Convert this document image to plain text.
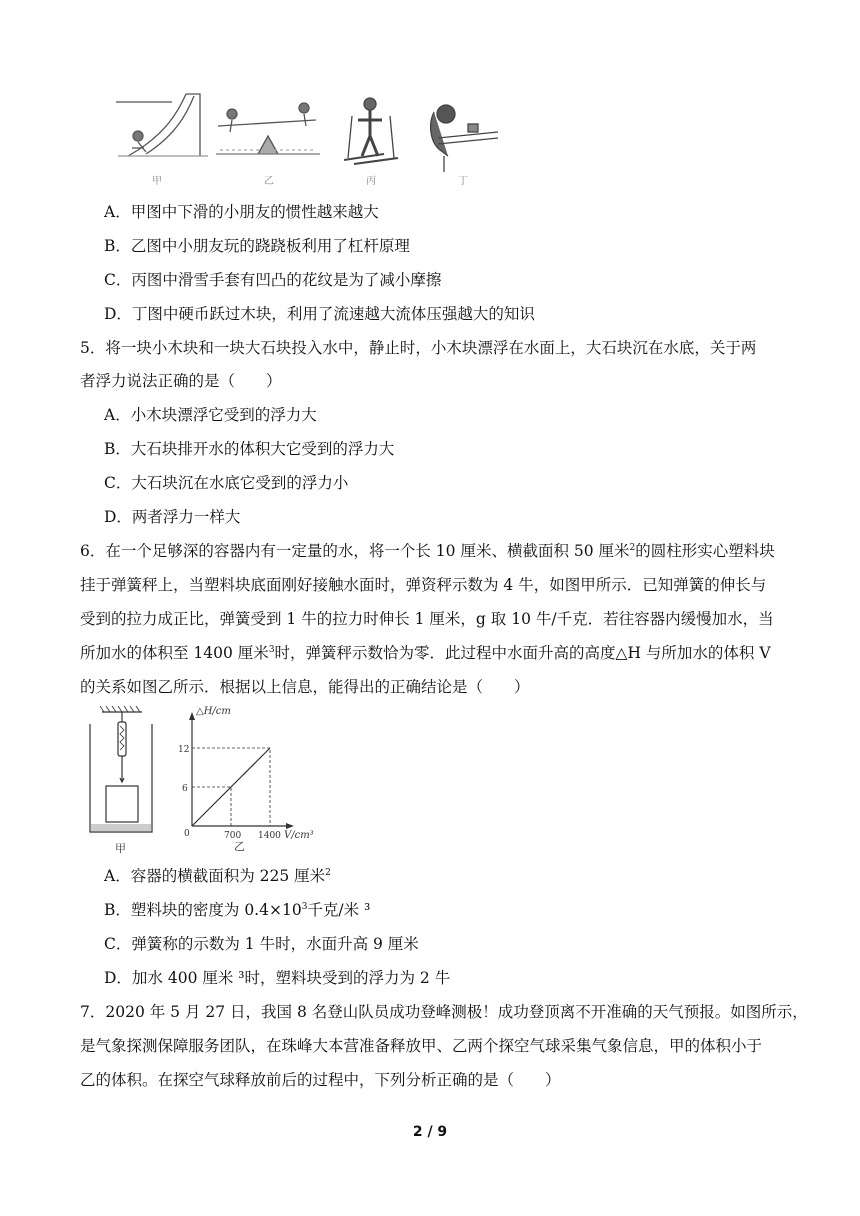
甲	乙	丙	丁
A．甲图中下滑的小朋友的惯性越来越大
B．乙图中小朋友玩的跷跷板利用了杠杆原理
C．丙图中滑雪手套有凹凸的花纹是为了减小摩擦
D．丁图中硬币跃过木块，利用了流速越大流体压强越大的知识
5．将一块小木块和一块大石块投入水中，静止时，小木块漂浮在水面上，大石块沉在水底，关于两
者浮力说法正确的是（　　）
A．小木块漂浮它受到的浮力大
B．大石块排开水的体积大它受到的浮力大
C．大石块沉在水底它受到的浮力小
D．两者浮力一样大
6．在一个足够深的容器内有一定量的水，将一个长 10 厘米、横截面积 50 厘米$^2$的圆柱形实心塑料块
挂于弹簧秤上，当塑料块底面刚好接触水面时，弹资秤示数为 4 牛，如图甲所示．已知弹簧的伸长与
受到的拉力成正比，弹簧受到 1 牛的拉力时伸长 1 厘米，g 取 10 牛/千克．若往容器内缓慢加水，当
所加水的体积至 1400 厘米$^3$时，弹簧秤示数恰为零．此过程中水面升高的高度△H 与所加水的体积 V
的关系如图乙所示．根据以上信息，能得出的正确结论是（　　）
甲
△H/cm
V/cm³
0
12
6
700 1400
乙
A．容器的横截面积为 225 厘米$^2$
B．塑料块的密度为 $0.4\times 10^3$千克/米 ³
C．弹簧称的示数为 1 牛时，水面升高 9 厘米
D．加水 400 厘米 ³时，塑料块受到的浮力为 2 牛
7．2020 年 5 月 27 日，我国 8 名登山队员成功登峰测极！成功登顶离不开准确的天气预报。如图所示，
是气象探测保障服务团队，在珠峰大本营准备释放甲、乙两个探空气球采集气象信息，甲的体积小于
乙的体积。在探空气球释放前后的过程中，下列分析正确的是（　　）
2 / 9
